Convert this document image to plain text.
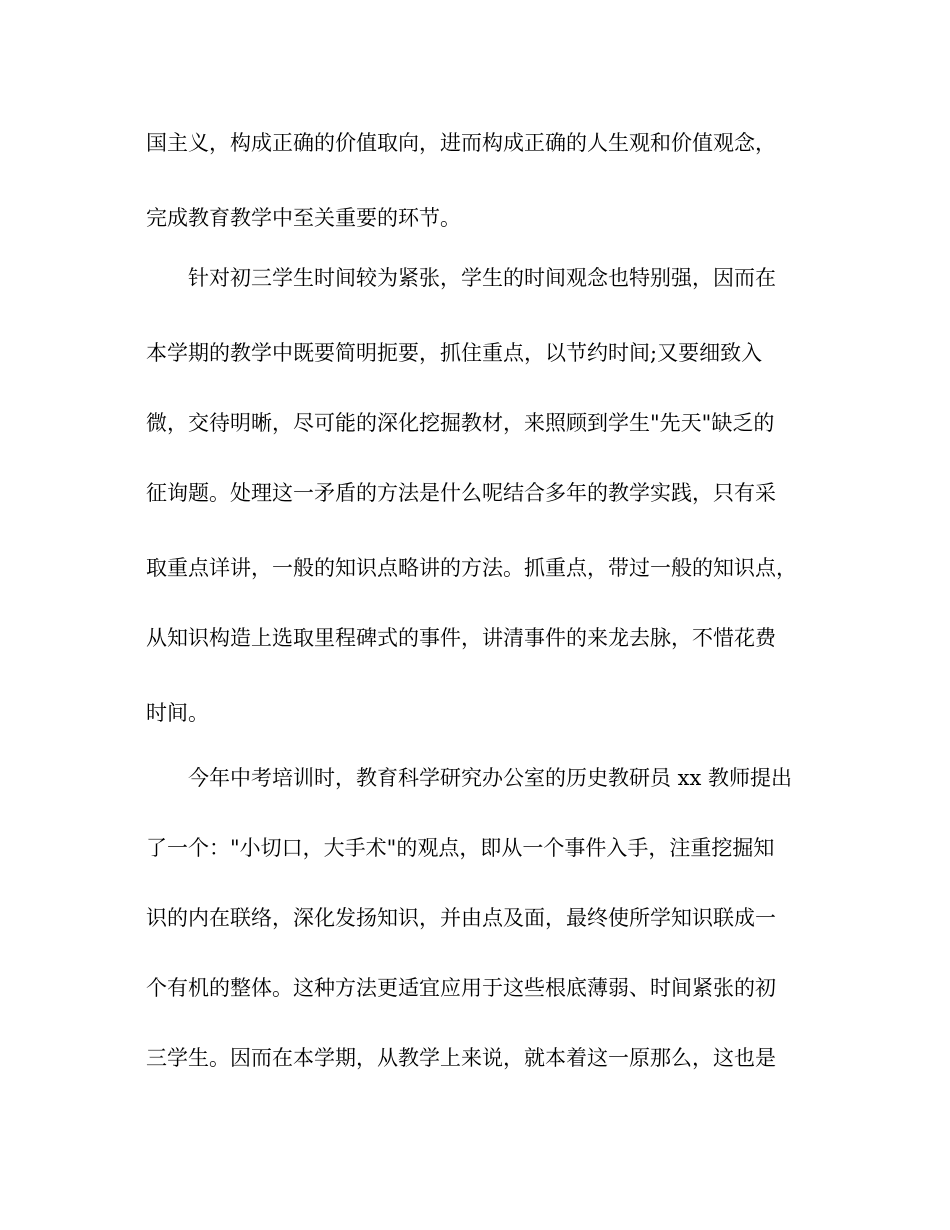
国主义，构成正确的价值取向，进而构成正确的人生观和价值观念，

完成教育教学中至关重要的环节。

针对初三学生时间较为紧张，学生的时间观念也特别强，因而在

本学期的教学中既要简明扼要，抓住重点，以节约时间;又要细致入

微，交待明晰，尽可能的深化挖掘教材，来照顾到学生"先天"缺乏的

征询题。处理这一矛盾的方法是什么呢结合多年的教学实践，只有采

取重点详讲，一般的知识点略讲的方法。抓重点，带过一般的知识点，

从知识构造上选取里程碑式的事件，讲清事件的来龙去脉，不惜花费

时间。

今年中考培训时，教育科学研究办公室的历史教研员 xx 教师提出

了一个："小切口，大手术"的观点，即从一个事件入手，注重挖掘知

识的内在联络，深化发扬知识，并由点及面，最终使所学知识联成一

个有机的整体。这种方法更适宜应用于这些根底薄弱、时间紧张的初

三学生。因而在本学期，从教学上来说，就本着这一原那么，这也是
